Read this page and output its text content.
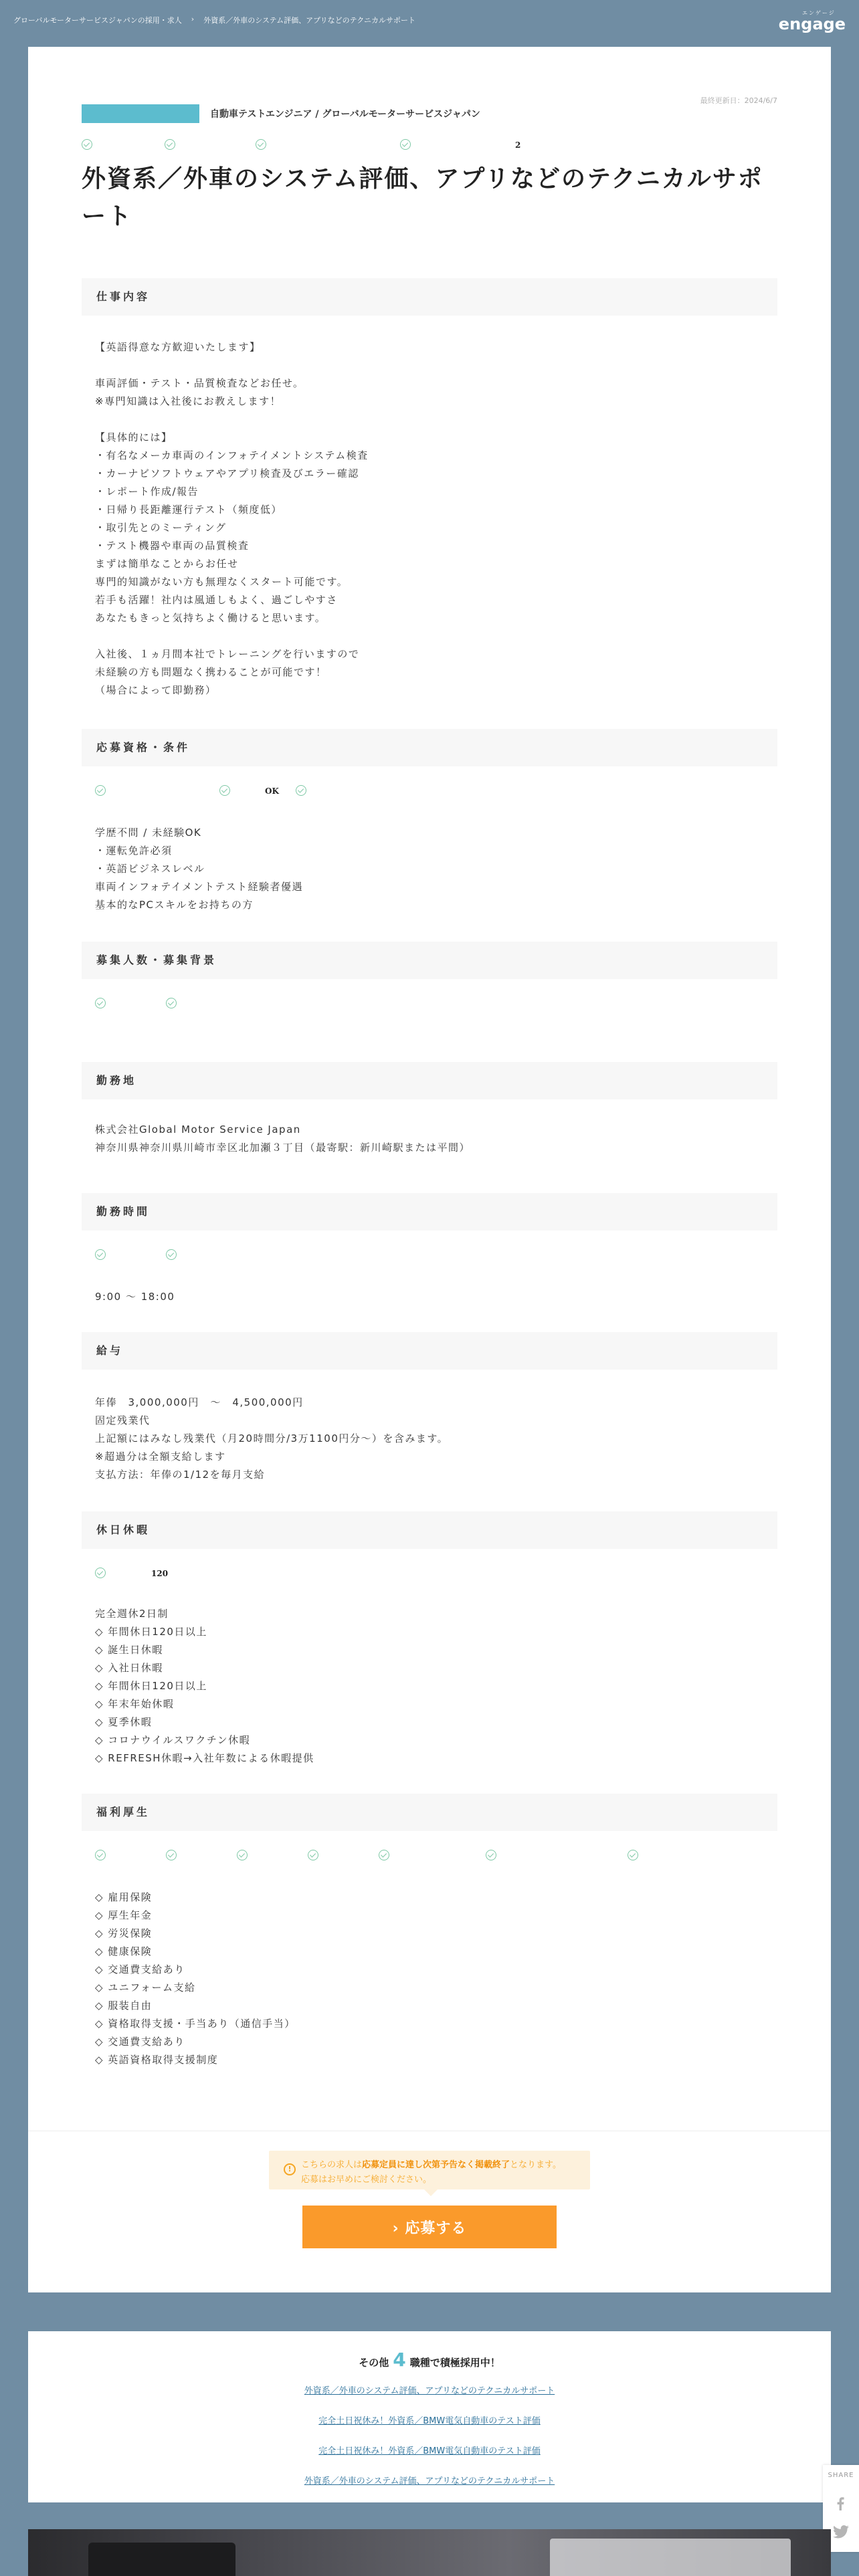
グローバルモーターサービスジャパンの採用・求人 › 外資系／外車のシステム評価、アプリなどのテクニカルサポート
エンゲージ
engage
最終更新日：2024/6/7
自動車テストエンジニア / グローバルモーターサービスジャパン
2
外資系／外車のシステム評価、アプリなどのテクニカルサポート
仕事内容
【英語得意な方歓迎いたします】

車両評価・テスト・品質検査などお任せ。
※専門知識は入社後にお教えします！

【具体的には】
・有名なメーカ車両のインフォテイメントシステム検査
・カーナビソフトウェアやアプリ検査及びエラー確認
・レポート作成/報告
・日帰り長距離運行テスト（頻度低）
・取引先とのミーティング
・テスト機器や車両の品質検査
まずは簡単なことからお任せ
専門的知識がない方も無理なくスタート可能です。
若手も活躍！社内は風通しもよく、過ごしやすさ
あなたもきっと気持ちよく働けると思います。

入社後、１ヵ月間本社でトレーニングを行いますので
未経験の方も問題なく携わることが可能です！
（場合によって即勤務）
応募資格・条件
OK
学歴不問 / 未経験OK
・運転免許必須
・英語ビジネスレベル
車両インフォテイメントテスト経験者優遇
基本的なPCスキルをお持ちの方
募集人数・募集背景
勤務地
株式会社Global Motor Service Japan
神奈川県神奈川県川崎市幸区北加瀬３丁目（最寄駅：新川崎駅または平間）
勤務時間
9:00 〜 18:00
給与
年俸　3,000,000円　〜　4,500,000円
固定残業代
上記額にはみなし残業代（月20時間分/3万1100円分〜）を含みます。
※超過分は全額支給します
支払方法：年俸の1/12を毎月支給
休日休暇
120
完全週休2日制
◇ 年間休日120日以上
◇ 誕生日休暇
◇ 入社日休暇
◇ 年間休日120日以上
◇ 年末年始休暇
◇ 夏季休暇
◇ コロナウイルスワクチン休暇
◇ REFRESH休暇→入社年数による休暇提供
福利厚生
◇ 雇用保険
◇ 厚生年金
◇ 労災保険
◇ 健康保険
◇ 交通費支給あり
◇ ユニフォーム支給
◇ 服装自由
◇ 資格取得支援・手当あり（通信手当）
◇ 交通費支給あり
◇ 英語資格取得支援制度
!	こちらの求人は応募定員に達し次第予告なく掲載終了となります。
応募はお早めにご検討ください。
› 応募する
その他 4 職種で積極採用中！
外資系／外車のシステム評価、アプリなどのテクニカルサポート
完全土日祝休み！外資系／BMW電気自動車のテスト評価
完全土日祝休み！外資系／BMW電気自動車のテスト評価
外資系／外車のシステム評価、アプリなどのテクニカルサポート
SHARE
